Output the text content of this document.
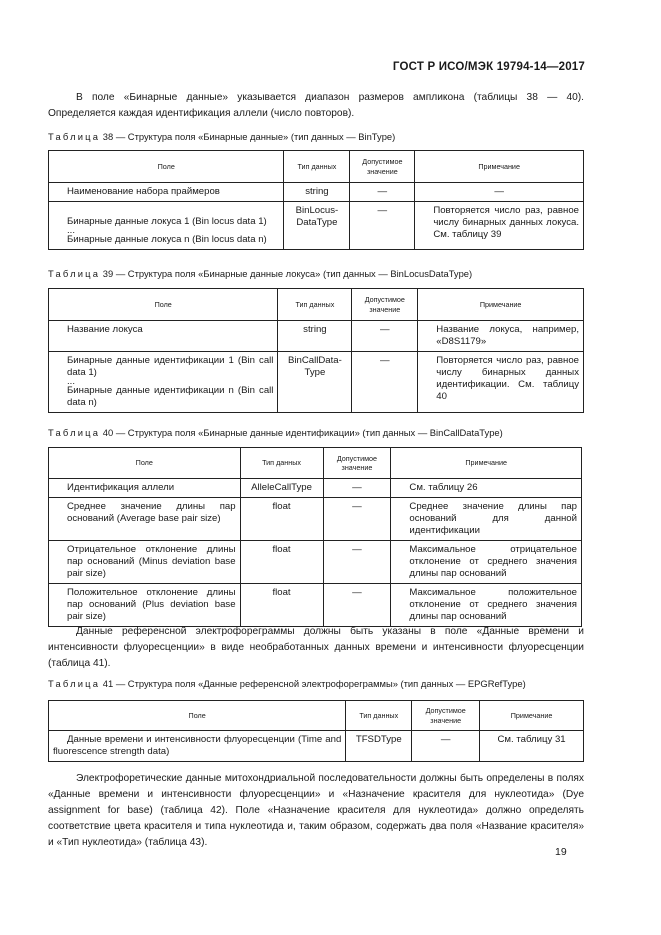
ГОСТ Р ИСО/МЭК 19794-14—2017

В поле «Бинарные данные» указывается диапазон размеров ампликона (таблицы 38 — 40). Определяется каждая идентификация аллели (число повторов).

Таблица 38 — Структура поля «Бинарные данные» (тип данных — BinType)
Поле	Тип данных	Допустимое значение	Примечание
Наименование набора праймеров	string	—	—

Бинарные данные локуса 1 (Bin locus data 1)
...
Бинарные данные локуса n (Bin locus data n)	BinLocus-DataType	—	Повторяется число раз, равное числу бинарных данных локуса. См. таблицу 39
Таблица 39 — Структура поля «Бинарные данные локуса» (тип данных — BinLocusDataType)
Поле	Тип данных	Допустимое значение	Примечание
Название локуса	string	—	Название локуса, например, «D8S1179»

Бинарные данные идентификации 1 (Bin call data 1)
...
Бинарные данные идентификации n (Bin call data n)	BinCallData-Type	—	Повторяется число раз, равное числу бинарных данных идентификации. См. таблицу 40
Таблица 40 — Структура поля «Бинарные данные идентификации» (тип данных — BinCallDataType)
Поле	Тип данных	Допустимое значение	Примечание
Идентификация аллели	AlleleCallType	—	См. таблицу 26
Среднее значение длины пар оснований (Average base pair size)	float	—	Среднее значение длины пар оснований для данной идентификации
Отрицательное отклонение длины пар оснований (Minus deviation base pair size)	float	—	Максимальное отрицательное отклонение от среднего значения длины пар оснований
Положительное отклонение длины пар оснований (Plus deviation base pair size)	float	—	Максимальное положительное отклонение от среднего значения длины пар оснований

Данные референсной электрофореграммы должны быть указаны в поле «Данные времени и интенсивности флуоресценции» в виде необработанных данных времени и интенсивности флуоресценции (таблица 41).

Таблица 41 — Структура поля «Данные референсной электрофореграммы» (тип данных — EPGRefType)
Поле	Тип данных	Допустимое значение	Примечание
Данные времени и интенсивности флуоресценции (Time and fluorescence strength data)	TFSDType	—	См. таблицу 31

Электрофоретические данные митохондриальной последовательности должны быть определены в полях «Данные времени и интенсивности флуоресценции» и «Назначение красителя для нуклеотида» (Dye assignment for base) (таблица 42). Поле «Назначение красителя для нуклеотида» должно определять соответствие цвета красителя и типа нуклеотида и, таким образом, содержать два поля «Название красителя» и «Тип нуклеотида» (таблица 43).

19
